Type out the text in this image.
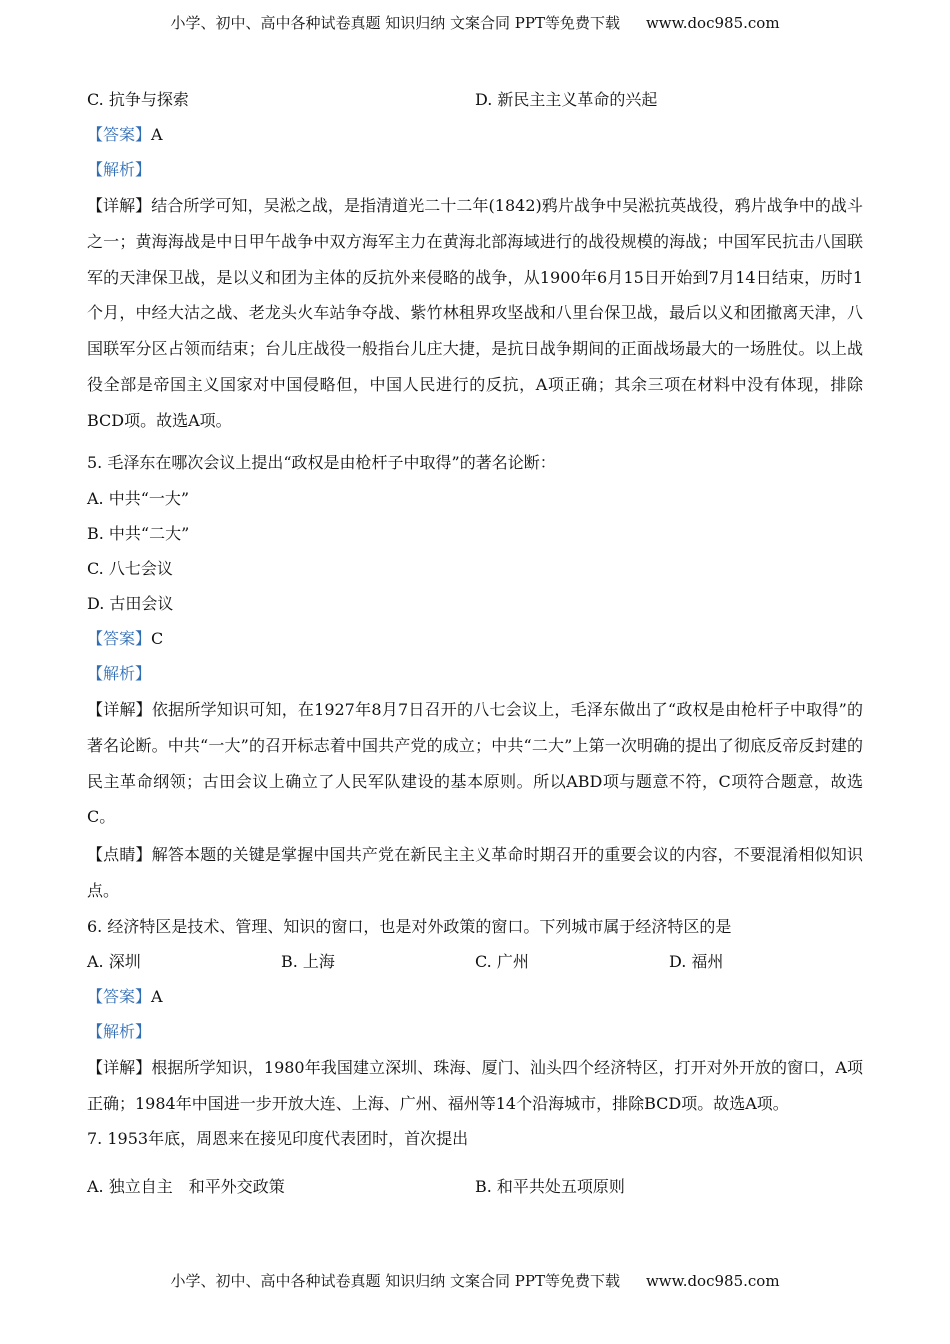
小学、初中、高中各种试卷真题 知识归纳 文案合同 PPT等免费下载 www.doc985.com
C. 抗争与探索	D. 新民主主义革命的兴起
【答案】A
【解析】
【详解】结合所学可知，吴淞之战，是指清道光二十二年(1842)鸦片战争中吴淞抗英战役，鸦片战争中的战斗之一；黄海海战是中日甲午战争中双方海军主力在黄海北部海域进行的战役规模的海战；中国军民抗击八国联军的天津保卫战，是以义和团为主体的反抗外来侵略的战争，从1900年6月15日开始到7月14日结束，历时1个月，中经大沽之战、老龙头火车站争夺战、紫竹林租界攻坚战和八里台保卫战，最后以义和团撤离天津，八国联军分区占领而结束；台儿庄战役一般指台儿庄大捷，是抗日战争期间的正面战场最大的一场胜仗。以上战役全部是帝国主义国家对中国侵略但，中国人民进行的反抗，A项正确；其余三项在材料中没有体现，排除BCD项。故选A项。
5. 毛泽东在哪次会议上提出“政权是由枪杆子中取得”的著名论断：
A. 中共“一大”
B. 中共“二大”
C. 八七会议
D. 古田会议
【答案】C
【解析】
【详解】依据所学知识可知，在1927年8月7日召开的八七会议上，毛泽东做出了“政权是由枪杆子中取得”的著名论断。中共“一大”的召开标志着中国共产党的成立；中共“二大”上第一次明确的提出了彻底反帝反封建的民主革命纲领；古田会议上确立了人民军队建设的基本原则。所以ABD项与题意不符，C项符合题意，故选C。
【点睛】解答本题的关键是掌握中国共产党在新民主主义革命时期召开的重要会议的内容，不要混淆相似知识点。
6. 经济特区是技术、管理、知识的窗口，也是对外政策的窗口。下列城市属于经济特区的是
A. 深圳	B. 上海	C. 广州	D. 福州
【答案】A
【解析】
【详解】根据所学知识，1980年我国建立深圳、珠海、厦门、汕头四个经济特区，打开对外开放的窗口，A项正确；1984年中国进一步开放大连、上海、广州、福州等14个沿海城市，排除BCD项。故选A项。
7. 1953年底，周恩来在接见印度代表团时，首次提出
A. 独立自主　和平外交政策	B. 和平共处五项原则
小学、初中、高中各种试卷真题 知识归纳 文案合同 PPT等免费下载 www.doc985.com
